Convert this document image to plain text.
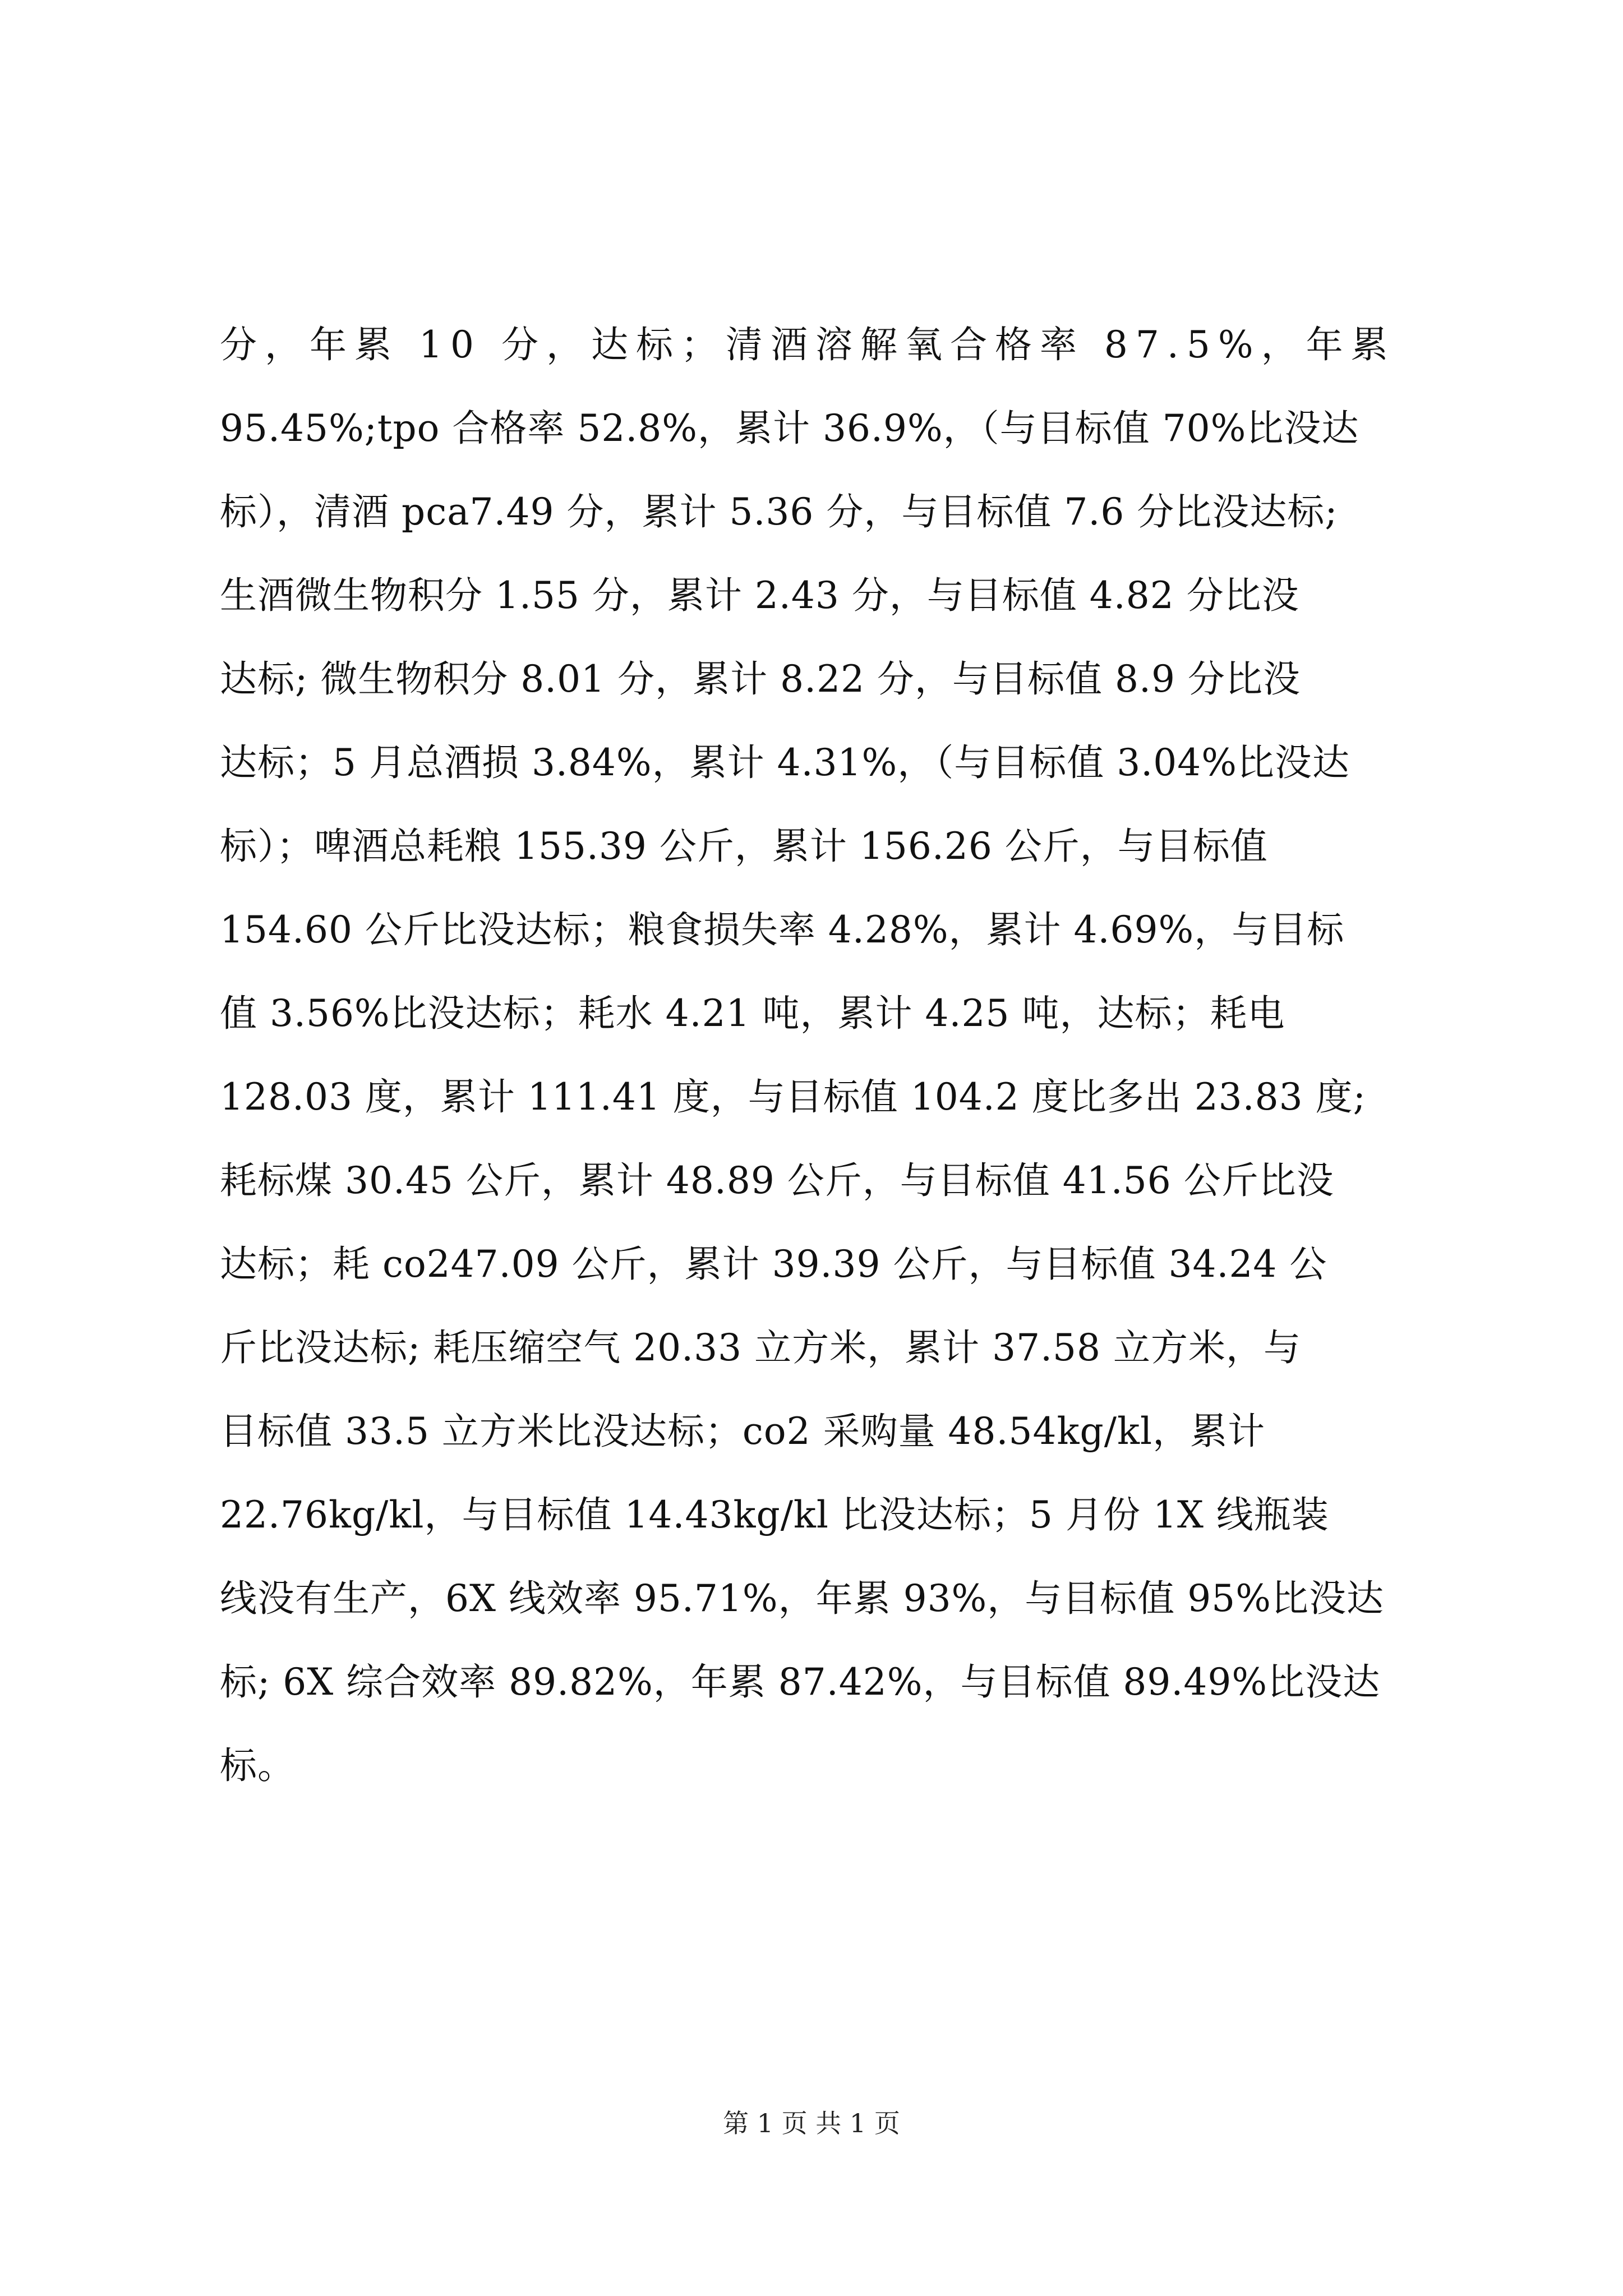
分，年累 10 分，达标；清酒溶解氧合格率 87.5%，年累
95.45%;tpo 合格率 52.8%，累计 36.9%，（与目标值 70%比没达
标），清酒 pca7.49 分，累计 5.36 分，与目标值 7.6 分比没达标;
生酒微生物积分 1.55 分，累计 2.43 分，与目标值 4.82 分比没
达标; 微生物积分 8.01 分，累计 8.22 分，与目标值 8.9 分比没
达标；5 月总酒损 3.84%，累计 4.31%，（与目标值 3.04%比没达
标）；啤酒总耗粮 155.39 公斤，累计 156.26 公斤，与目标值
154.60 公斤比没达标；粮食损失率 4.28%，累计 4.69%，与目标
值 3.56%比没达标；耗水 4.21 吨，累计 4.25 吨，达标；耗电
128.03 度，累计 111.41 度，与目标值 104.2 度比多出 23.83 度;
耗标煤 30.45 公斤，累计 48.89 公斤，与目标值 41.56 公斤比没
达标；耗 co247.09 公斤，累计 39.39 公斤，与目标值 34.24 公
斤比没达标; 耗压缩空气 20.33 立方米，累计 37.58 立方米，与
目标值 33.5 立方米比没达标；co2 采购量 48.54kg/kl，累计
22.76kg/kl，与目标值 14.43kg/kl 比没达标；5 月份 1X 线瓶装
线没有生产，6X 线效率 95.71%，年累 93%，与目标值 95%比没达
标; 6X 综合效率 89.82%，年累 87.42%，与目标值 89.49%比没达
标。
第 1 页 共 1 页
